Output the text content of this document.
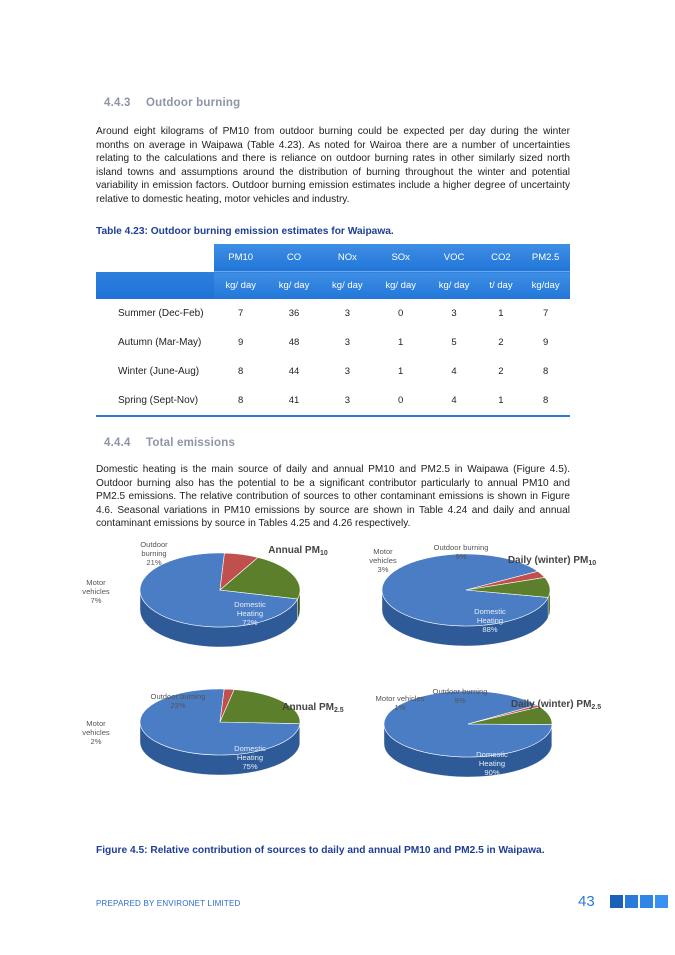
4.4.3 Outdoor burning
Around eight kilograms of PM10 from outdoor burning could be expected per day during the winter months on average in Waipawa (Table 4.23). As noted for Wairoa there are a number of uncertainties relating to the calculations and there is reliance on outdoor burning rates in other similarly sized north island towns and assumptions around the distribution of burning throughout the winter and potential variability in emission factors. Outdoor burning emission estimates include a higher degree of uncertainty relative to domestic heating, motor vehicles and industry.
Table 4.23: Outdoor burning emission estimates for Waipawa.
	PM10	CO	NOx	SOx	VOC	CO2	PM2.5
	kg/ day	kg/ day	kg/ day	kg/ day	kg/ day	t/ day	kg/day
Summer (Dec-Feb)	7	36	3	0	3	1	7
Autumn (Mar-May)	9	48	3	1	5	2	9
Winter (June-Aug)	8	44	3	1	4	2	8
Spring (Sept-Nov)	8	41	3	0	4	1	8
4.4.4 Total emissions
Domestic heating is the main source of daily and annual PM10 and PM2.5 in Waipawa (Figure 4.5). Outdoor burning also has the potential to be a significant contributor particularly to annual PM10 and PM2.5 emissions. The relative contribution of sources to other contaminant emissions is shown in Figure 4.6. Seasonal variations in PM10 emissions by source are shown in Table 4.24 and daily and annual contaminant emissions by source in Tables 4.25 and 4.26 respectively.
Annual $PM_{10}$
Domestic Heating 72%
Motor vehicles 7%
Outdoor burning 21%	Daily (winter) $PM_{10}$
Domestic Heating 88%
Motor vehicles 3%
Outdoor burning 9%
Annual $PM_{2.5}$
Domestic Heating 75%
Motor vehicles 2%
Outdoor burning 23%	Daily (winter) $PM_{2.5}$
Domestic Heating 90%
Motor vehicles 1%
Outdoor burning 9%
Figure 4.5: Relative contribution of sources to daily and annual PM10 and PM2.5 in Waipawa.
PREPARED BY ENVIRONET LIMITED	43
